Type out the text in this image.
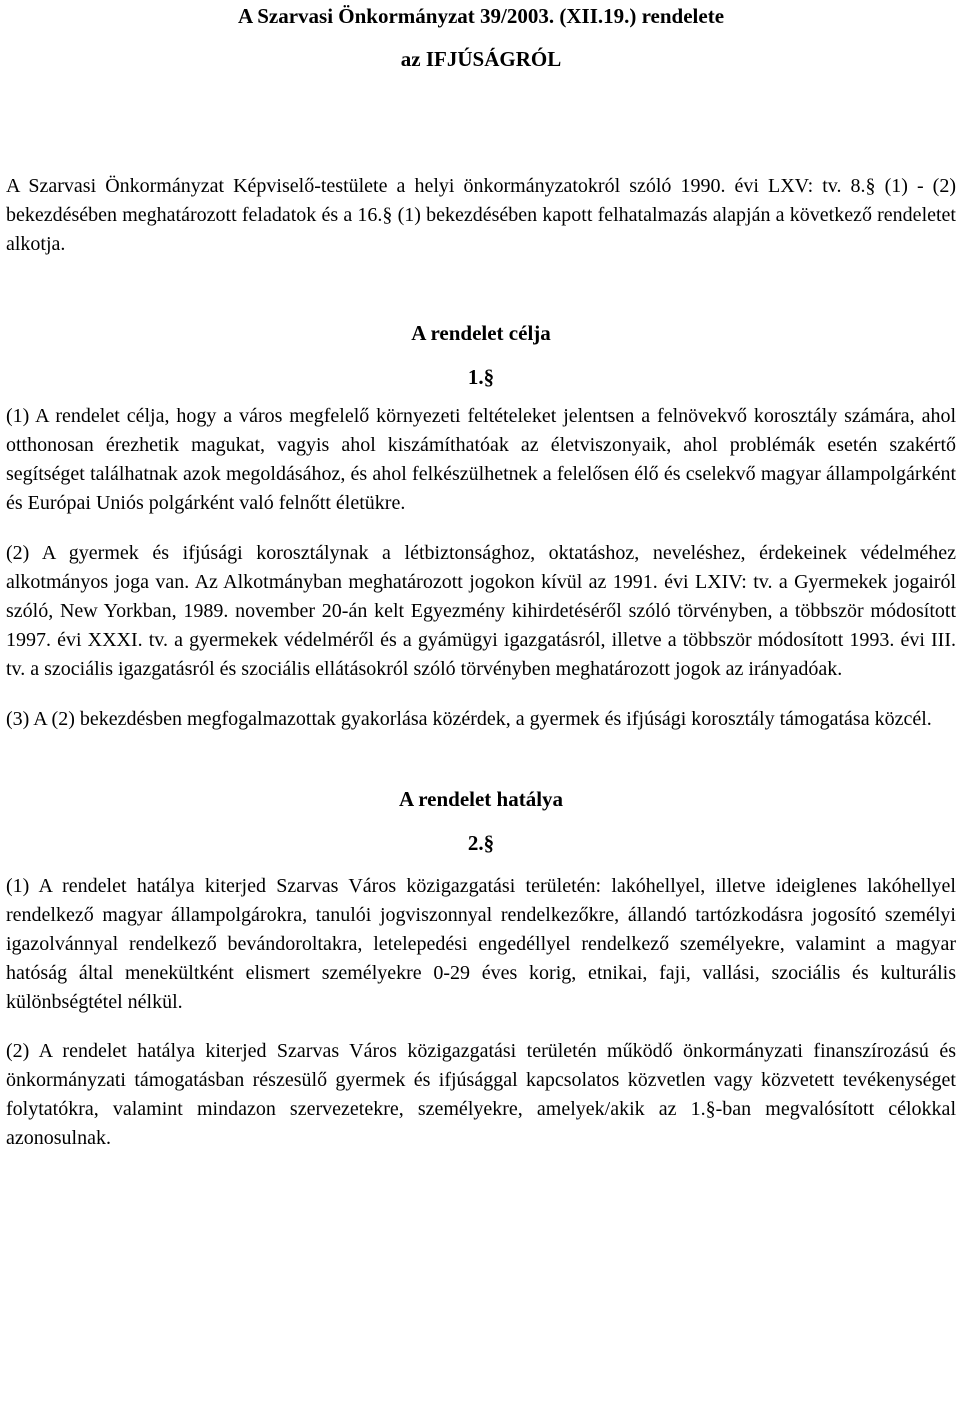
A Szarvasi Önkormányzat 39/2003. (XII.19.) rendelete

az IFJÚSÁGRÓL

A Szarvasi Önkormányzat Képviselő-testülete a helyi önkormányzatokról szóló 1990. évi LXV: tv. 8.§ (1) - (2) bekezdésében meghatározott feladatok és a 16.§ (1) bekezdésében kapott felhatalmazás alapján a következő rendeletet alkotja.

A rendelet célja

1.§

(1) A rendelet célja, hogy a város megfelelő környezeti feltételeket jelentsen a felnövekvő korosztály számára, ahol otthonosan érezhetik magukat, vagyis ahol kiszámíthatóak az életviszonyaik, ahol problémák esetén szakértő segítséget találhatnak azok megoldásához, és ahol felkészülhetnek a felelősen élő és cselekvő magyar állampolgárként és Európai Uniós polgárként való felnőtt életükre.

(2) A gyermek és ifjúsági korosztálynak a létbiztonsághoz, oktatáshoz, neveléshez, érdekeinek védelméhez alkotmányos joga van. Az Alkotmányban meghatározott jogokon kívül az 1991. évi LXIV: tv. a Gyermekek jogairól szóló, New Yorkban, 1989. november 20-án kelt Egyezmény kihirdetéséről szóló törvényben, a többször módosított 1997. évi XXXI. tv. a gyermekek védelméről és a gyámügyi igazgatásról, illetve a többször módosított 1993. évi III. tv. a szociális igazgatásról és szociális ellátásokról szóló törvényben meghatározott jogok az irányadóak.

(3) A (2) bekezdésben megfogalmazottak gyakorlása közérdek, a gyermek és ifjúsági korosztály támogatása közcél.

A rendelet hatálya

2.§

(1) A rendelet hatálya kiterjed Szarvas Város közigazgatási területén: lakóhellyel, illetve ideiglenes lakóhellyel rendelkező magyar állampolgárokra, tanulói jogviszonnyal rendelkezőkre, állandó tartózkodásra jogosító személyi igazolvánnyal rendelkező bevándoroltakra, letelepedési engedéllyel rendelkező személyekre, valamint a magyar hatóság által menekültként elismert személyekre 0-29 éves korig, etnikai, faji, vallási, szociális és kulturális különbségtétel nélkül.

(2) A rendelet hatálya kiterjed Szarvas Város közigazgatási területén működő önkormányzati finanszírozású és önkormányzati támogatásban részesülő gyermek és ifjúsággal kapcsolatos közvetlen vagy közvetett tevékenységet folytatókra, valamint mindazon szervezetekre, személyekre, amelyek/akik az 1.§-ban megvalósított célokkal azonosulnak.
